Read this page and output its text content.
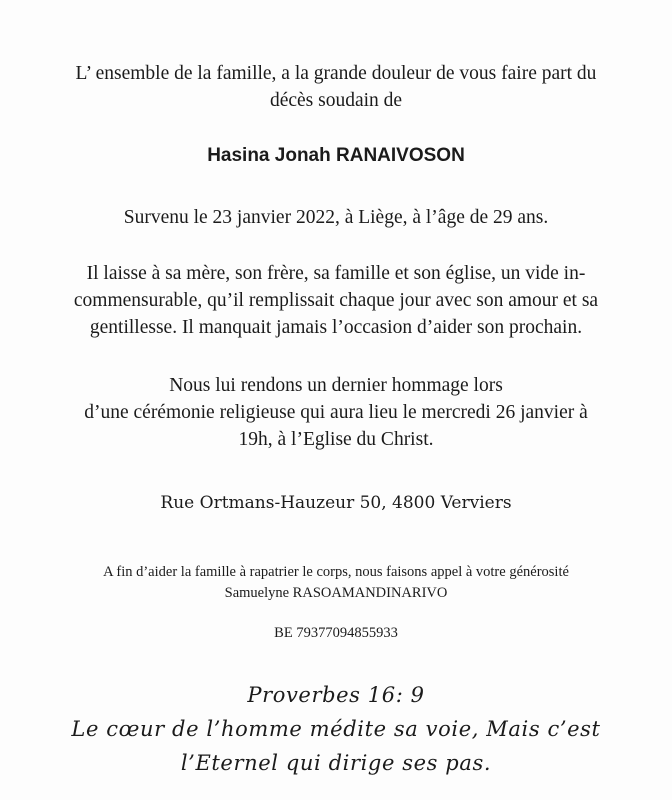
L’ ensemble de la famille, a la grande douleur de vous faire part du
décès soudain de

Hasina Jonah RANAIVOSON

Survenu le 23 janvier 2022, à Liège, à l’âge de 29 ans.

Il laisse à sa mère, son frère, sa famille et son église, un vide in-
commensurable, qu’il remplissait chaque jour avec son amour et sa
gentillesse. Il manquait jamais l’occasion d’aider son prochain.

Nous lui rendons un dernier hommage lors
d’une cérémonie religieuse qui aura lieu le mercredi 26 janvier à
19h, à l’Eglise du Christ.

Rue Ortmans-Hauzeur 50, 4800 Verviers

A fin d’aider la famille à rapatrier le corps, nous faisons appel à votre générosité
Samuelyne RASOAMANDINARIVO

BE 79377094855933

Proverbes 16: 9
Le cœur de l’homme médite sa voie, Mais c’est
l’Eternel qui dirige ses pas.
